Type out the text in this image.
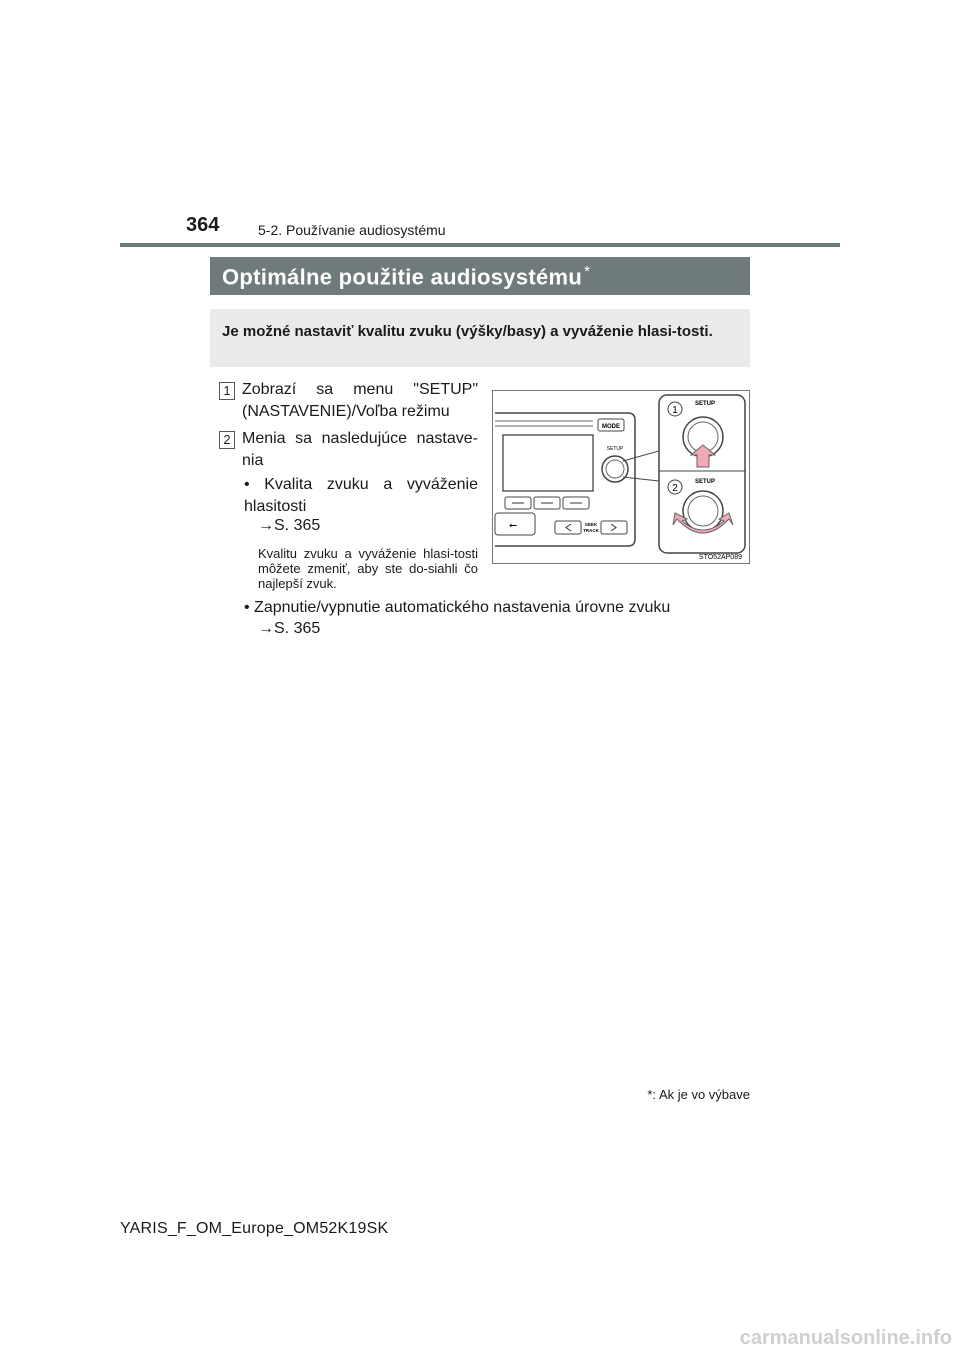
364	5-2. Používanie audiosystému
Optimálne použitie audiosystému *
Je možné nastaviť kvalitu zvuku (výšky/basy) a vyváženie hlasi-tosti.
1 Zobrazí sa menu "SETUP" (NASTAVENIE)/Voľba režimu
2 Menia sa nasledujúce nastave-nia
• Kvalita zvuku a vyváženie hlasitosti
→S. 365
Kvalitu zvuku a vyváženie hlasi-tosti môžete zmeniť, aby ste do-siahli čo najlepší zvuk.
• Zapnutie/vypnutie automatického nastavenia úrovne zvuku
→S. 365
MODE
SETUP
⭠	SEEK
TRACK
1
SETUP
2
SETUP
STO52AP089
*: Ak je vo výbave
YARIS_F_OM_Europe_OM52K19SK
carmanualsonline.info
